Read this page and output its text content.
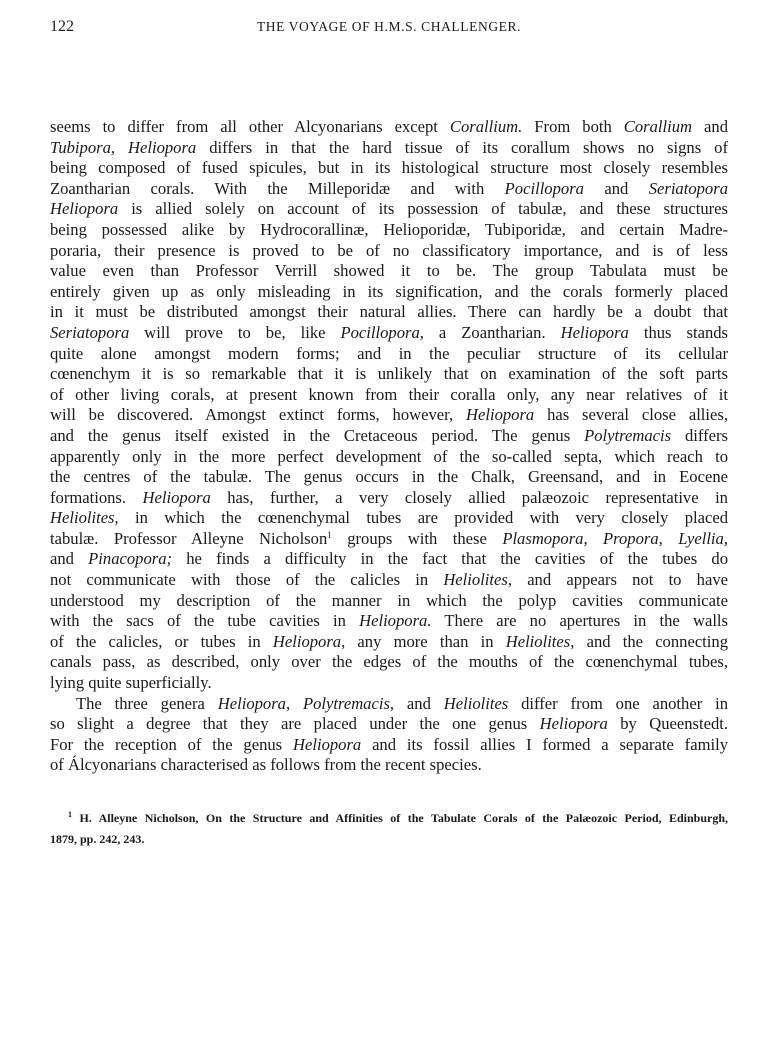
122	THE VOYAGE OF H.M.S. CHALLENGER.
seems to differ from all other Alcyonarians except Corallium. From both Corallium and
Tubipora, Heliopora differs in that the hard tissue of its corallum shows no signs of
being composed of fused spicules, but in its histological structure most closely resembles
Zoantharian corals. With the Milleporidæ and with Pocillopora and Seriatopora
Heliopora is allied solely on account of its possession of tabulæ, and these structures
being possessed alike by Hydrocorallinæ, Helioporidæ, Tubiporidæ, and certain Madre-
poraria, their presence is proved to be of no classificatory importance, and is of less
value even than Professor Verrill showed it to be. The group Tabulata must be
entirely given up as only misleading in its signification, and the corals formerly placed
in it must be distributed amongst their natural allies. There can hardly be a doubt that
Seriatopora will prove to be, like Pocillopora, a Zoantharian. Heliopora thus stands
quite alone amongst modern forms; and in the peculiar structure of its cellular
cœnenchym it is so remarkable that it is unlikely that on examination of the soft parts
of other living corals, at present known from their coralla only, any near relatives of it
will be discovered. Amongst extinct forms, however, Heliopora has several close allies,
and the genus itself existed in the Cretaceous period. The genus Polytremacis differs
apparently only in the more perfect development of the so-called septa, which reach to
the centres of the tabulæ. The genus occurs in the Chalk, Greensand, and in Eocene
formations. Heliopora has, further, a very closely allied palæozoic representative in
Heliolites, in which the cœnenchymal tubes are provided with very closely placed
tabulæ. Professor Alleyne Nicholson$^1$ groups with these Plasmopora, Propora, Lyellia,
and Pinacopora; he finds a difficulty in the fact that the cavities of the tubes do
not communicate with those of the calicles in Heliolites, and appears not to have
understood my description of the manner in which the polyp cavities communicate
with the sacs of the tube cavities in Heliopora. There are no apertures in the walls
of the calicles, or tubes in Heliopora, any more than in Heliolites, and the connecting
canals pass, as described, only over the edges of the mouths of the cœnenchymal tubes,
lying quite superficially.
The three genera Heliopora, Polytremacis, and Heliolites differ from one another in
so slight a degree that they are placed under the one genus Heliopora by Queenstedt.
For the reception of the genus Heliopora and its fossil allies I formed a separate family
of Álcyonarians characterised as follows from the recent species.
$^1$ H. Alleyne Nicholson, On the Structure and Affinities of the Tabulate Corals of the Palæozoic Period, Edinburgh,
1879, pp. 242, 243.
